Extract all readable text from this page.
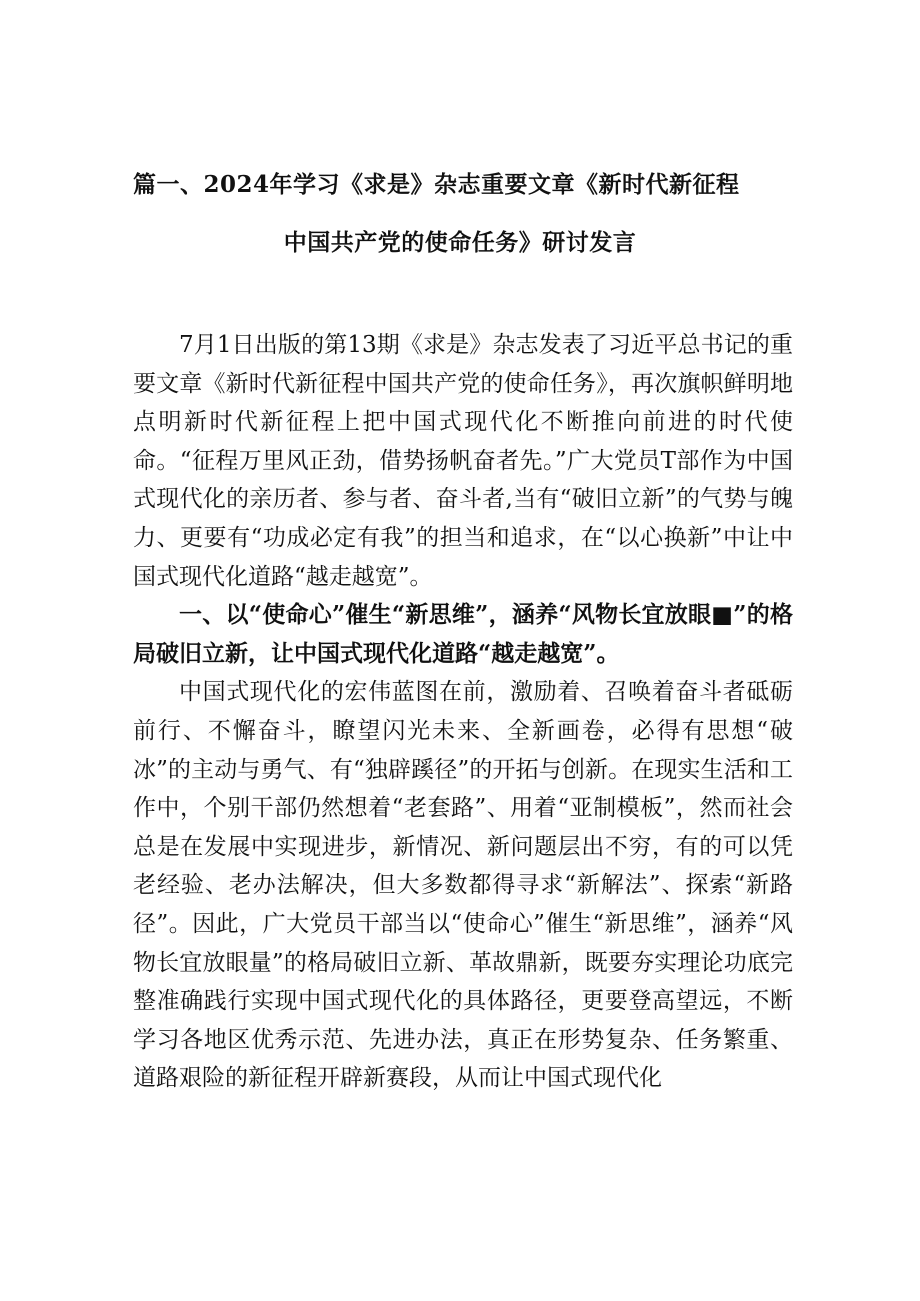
篇一、2024年学习《求是》杂志重要文章《新时代新征程
中国共产党的使命任务》研讨发言

7月1日出版的第13期《求是》杂志发表了习近平总书记的重要文章《新时代新征程中国共产党的使命任务》，再次旗帜鲜明地点明新时代新征程上把中国式现代化不断推向前进的时代使命。“征程万里风正劲，借势扬帆奋者先。”广大党员T部作为中国式现代化的亲历者、参与者、奋斗者,当有“破旧立新”的气势与魄力、更要有“功成必定有我”的担当和追求，在“以心换新”中让中国式现代化道路“越走越宽”。

一、以“使命心”催生“新思维”，涵养“风物长宜放眼■”的格局破旧立新，让中国式现代化道路“越走越宽”。

中国式现代化的宏伟蓝图在前，激励着、召唤着奋斗者砥砺前行、不懈奋斗，瞭望闪光未来、全新画卷，必得有思想“破冰”的主动与勇气、有“独辟蹊径”的开拓与创新。在现实生活和工作中，个别干部仍然想着“老套路”、用着“亚制模板”，然而社会总是在发展中实现进步，新情况、新问题层出不穷，有的可以凭老经验、老办法解决，但大多数都得寻求“新解法”、探索“新路径”。因此，广大党员干部当以“使命心”催生“新思维”，涵养“风物长宜放眼量”的格局破旧立新、革故鼎新，既要夯实理论功底完整准确践行实现中国式现代化的具体路径，更要登高望远，不断学习各地区优秀示范、先进办法，真正在形势复杂、任务繁重、道路艰险的新征程开辟新赛段，从而让中国式现代化
